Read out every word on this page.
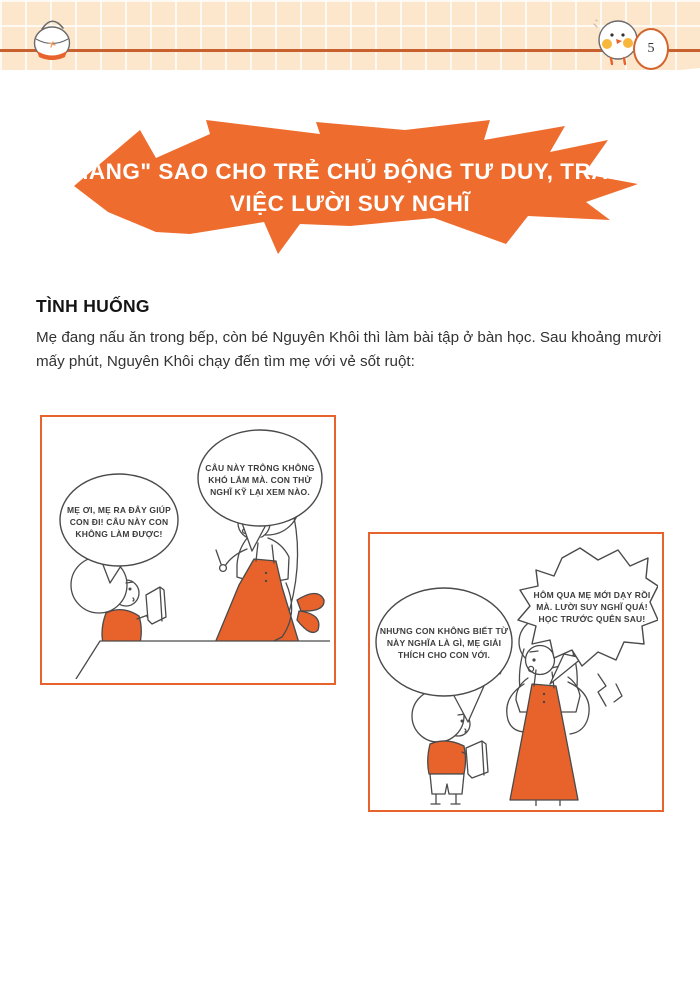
5
"MẮNG" SAO CHO TRẺ CHỦ ĐỘNG TƯ DUY, TRÁNH
VIỆC LƯỜI SUY NGHĨ
TÌNH HUỐNG

Mẹ đang nấu ăn trong bếp, còn bé Nguyên Khôi thì làm bài tập ở bàn học. Sau khoảng mười mấy phút, Nguyên Khôi chạy đến tìm mẹ với vẻ sốt ruột:

MẸ ƠI, MẸ RA ĐÂY GIÚP CON ĐI! CÂU NÀY CON KHÔNG LÀM ĐƯỢC!
CÂU NÀY TRÔNG KHÔNG KHÓ LẮM MÀ. CON THỬ NGHĨ KỸ LẠI XEM NÀO.
NHƯNG CON KHÔNG BIẾT TỪ NÀY NGHĨA LÀ GÌ, MẸ GIẢI THÍCH CHO CON VỚI.
HÔM QUA MẸ MỚI DẠY RỒI MÀ. LƯỜI SUY NGHĨ QUÁ! HỌC TRƯỚC QUÊN SAU!
